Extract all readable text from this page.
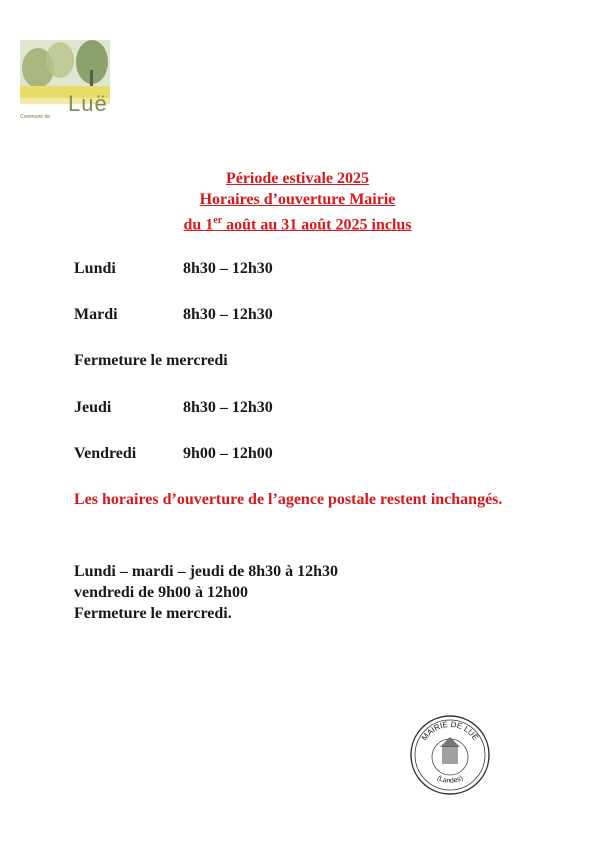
Luë
Commune de
Période estivale 2025
Horaires d’ouverture Mairie
du 1er août au 31 août 2025 inclus
Lundi	8h30 – 12h30
Mardi	8h30 – 12h30
Fermeture le mercredi
Jeudi	8h30 – 12h30
Vendredi	9h00 – 12h00
Les horaires d’ouverture de l’agence postale restent inchangés.
Lundi – mardi – jeudi de 8h30 à 12h30
vendredi de 9h00 à 12h00
Fermeture le mercredi.
MAIRIE DE LUË
(Landes)
